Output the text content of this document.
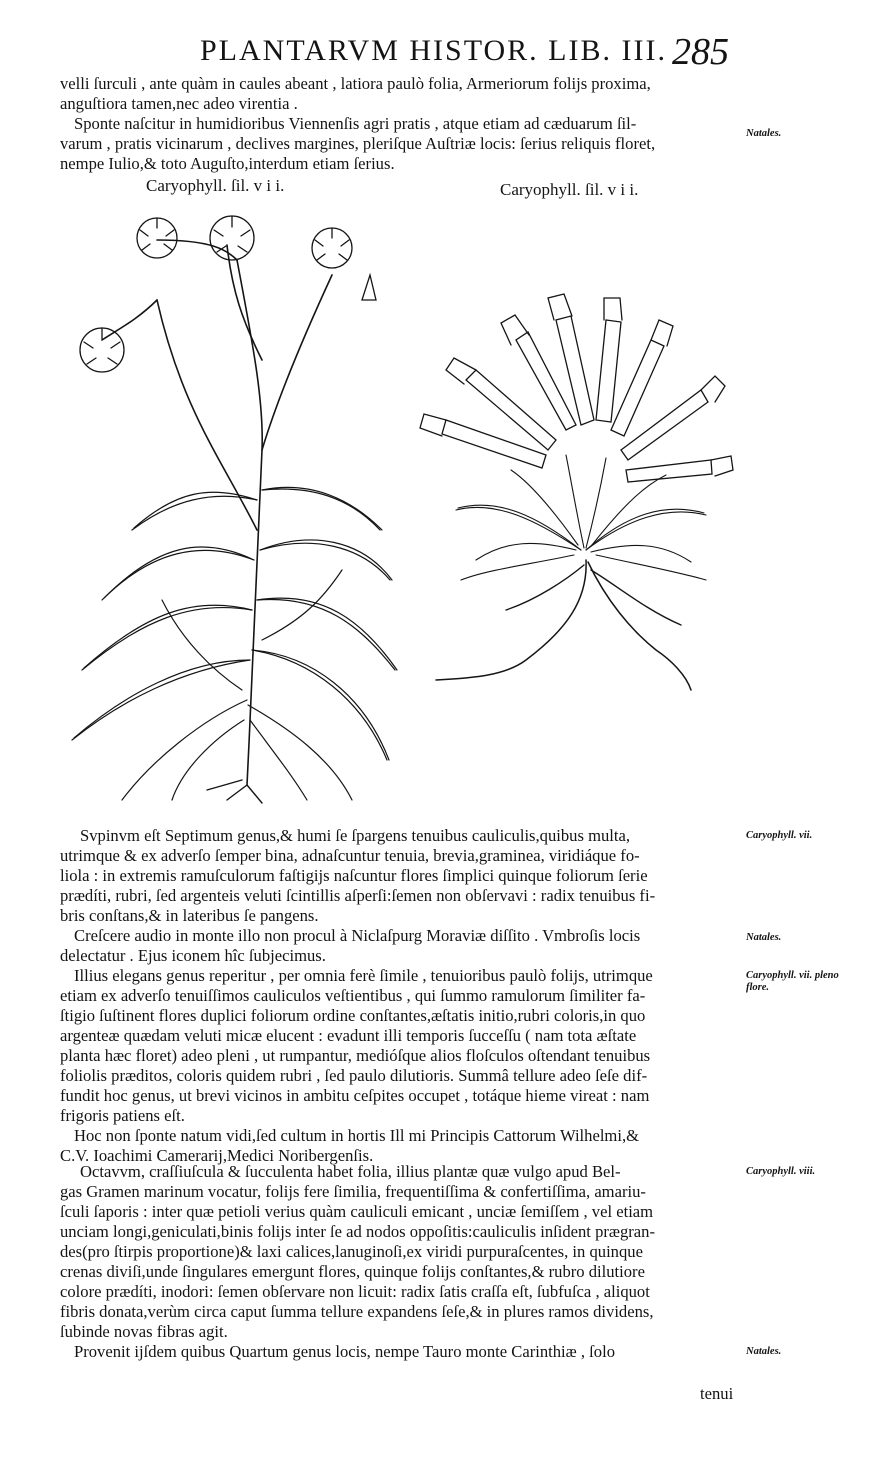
PLANTARVM HISTOR. LIB. III. 285
velli ſurculi , ante quàm in caules abeant , latiora paulò folia, Armeriorum folijs proxima,
anguſtiora tamen,nec adeo virentia .
Sponte naſcitur in humidioribus Viennenſis agri pratis , atque etiam ad cæduarum ſil-
varum , pratis vicinarum , declives margines, pleriſque Auſtriæ locis: ſerius reliquis floret,
nempe Iulio,& toto Auguſto,interdum etiam ſerius.
Natales.
Caryophyll. ſil. v i i.	Caryophyll. ſil. v i i.
Svpinvm eſt Septimum genus,& humi ſe ſpargens tenuibus cauliculis,quibus multa,
utrimque & ex adverſo ſemper bina, adnaſcuntur tenuia, brevia,graminea, viridiáque fo-
liola : in extremis ramuſculorum faſtigijs naſcuntur flores ſimplici quinque foliorum ſerie
prædíti, rubri, ſed argenteis veluti ſcintillis aſperſi:ſemen non obſervavi : radix tenuibus fi-
bris conſtans,& in lateribus ſe pangens.
Creſcere audio in monte illo non procul à Niclaſpurg Moraviæ diſſito . Vmbroſis locis
delectatur . Ejus iconem hîc ſubjecimus.
Caryophyll. vii.
Natales.
Illius elegans genus reperitur , per omnia ferè ſimile , tenuioribus paulò folijs, utrimque
etiam ex adverſo tenuiſſimos cauliculos veſtientibus , qui ſummo ramulorum ſimiliter fa-
ſtigio ſuſtinent flores duplici foliorum ordine conſtantes,æſtatis initio,rubri coloris,in quo
argenteæ quædam veluti micæ elucent : evadunt illi temporis ſucceſſu ( nam tota æſtate
planta hæc floret) adeo pleni , ut rumpantur, medióſque alios floſculos oſtendant tenuibus
foliolis præditos, coloris quidem rubri , ſed paulo dilutioris. Summâ tellure adeo ſeſe dif-
fundit hoc genus, ut brevi vicinos in ambitu ceſpites occupet , totáque hieme vireat : nam
frigoris patiens eſt.
Hoc non ſponte natum vidi,ſed cultum in hortis Ill mi Principis Cattorum Wilhelmi,&
C.V. Ioachimi Camerarij,Medici Noribergenſis.
Caryophyll. vii. pleno flore.
Octavvm, craſſiuſcula & ſucculenta habet folia, illius plantæ quæ vulgo apud Bel-
gas Gramen marinum vocatur, folijs fere ſimilia, frequentiſſima & confertiſſima, amariu-
ſculi ſaporis : inter quæ petioli verius quàm cauliculi emicant , unciæ ſemiſſem , vel etiam
unciam longi,geniculati,binis folijs inter ſe ad nodos oppoſitis:cauliculis inſident prægran-
des(pro ſtirpis proportione)& laxi calices,lanuginoſi,ex viridi purpuraſcentes, in quinque
crenas diviſi,unde ſingulares emergunt flores, quinque folijs conſtantes,& rubro dilutiore
colore prædíti, inodori: ſemen obſervare non licuit: radix ſatis craſſa eſt, ſubfuſca , aliquot
fibris donata,verùm circa caput ſumma tellure expandens ſeſe,& in plures ramos dividens,
ſubinde novas fibras agit.
Provenit ijſdem quibus Quartum genus locis, nempe Tauro monte Carinthiæ , ſolo
Caryophyll. viii.
Natales.
tenui
